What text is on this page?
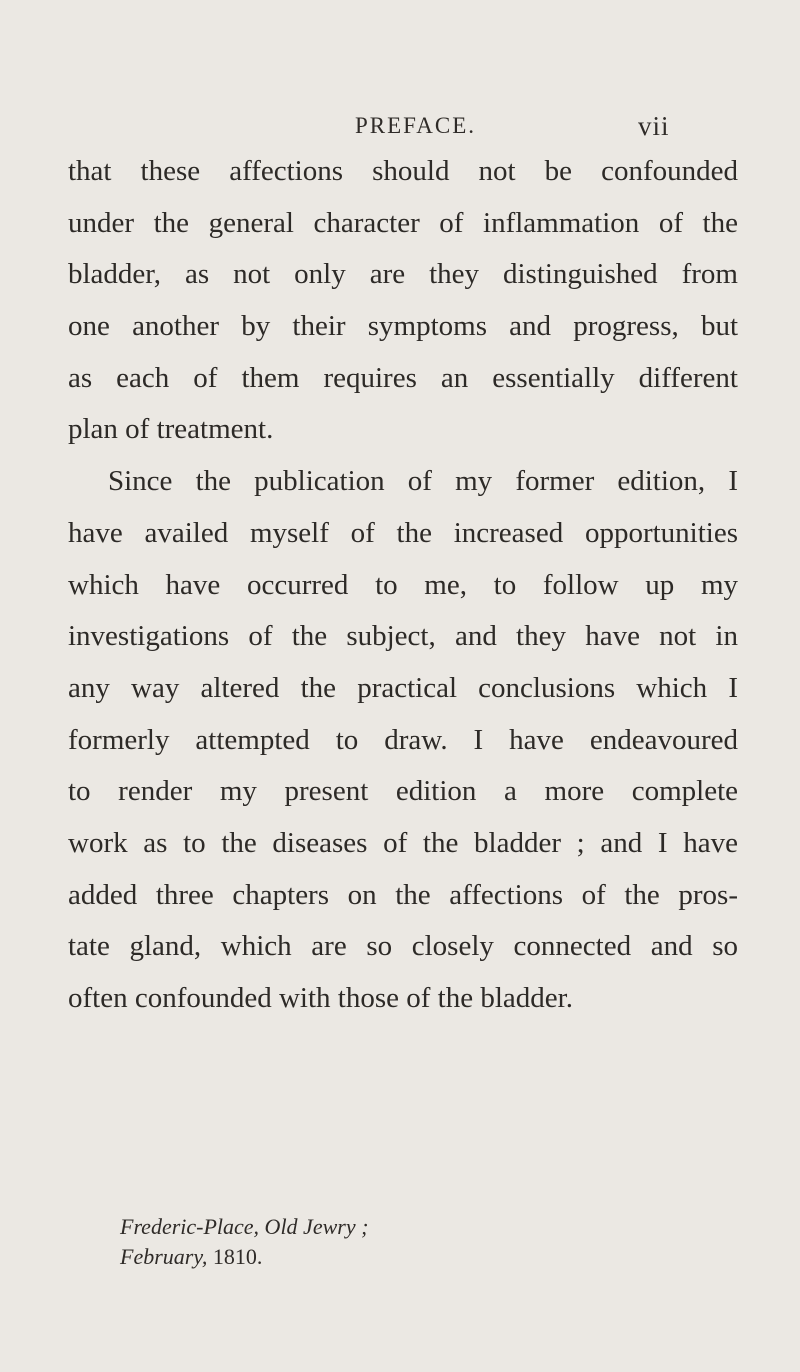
PREFACE.	vii
that these affections should not be confounded
under the general character of inflammation of the
bladder, as not only are they distinguished from
one another by their symptoms and progress, but
as each of them requires an essentially different
plan of treatment.
Since the publication of my former edition, I
have availed myself of the increased opportunities
which have occurred to me, to follow up my
investigations of the subject, and they have not in
any way altered the practical conclusions which I
formerly attempted to draw. I have endeavoured
to render my present edition a more complete
work as to the diseases of the bladder ; and I have
added three chapters on the affections of the pros-
tate gland, which are so closely connected and so
often confounded with those of the bladder.
Frederic-Place, Old Jewry ;
February, 1810.
